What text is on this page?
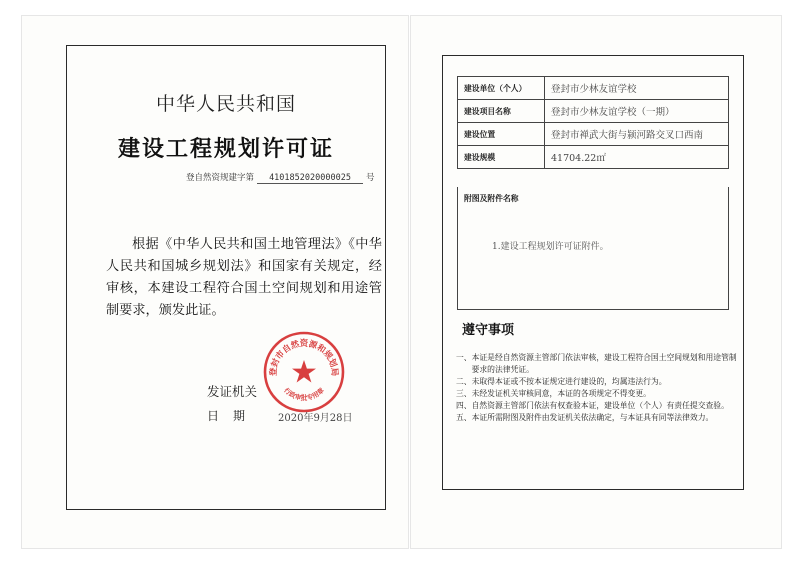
中华人民共和国
建设工程规划许可证
登自然资规建字第 4101852020000025 号
根据《中华人民共和国土地管理法》《中华人民共和国城乡规划法》和国家有关规定，经审核，本建设工程符合国土空间规划和用途管制要求，颁发此证。
登封市自然资源和规划局
行政审批专用章
发证机关
日期 2020年9月28日
建设单位（个人）	登封市少林友谊学校
建设项目名称	登封市少林友谊学校（一期）
建设位置	登封市禅武大街与颍河路交叉口西南
建设规模	41704.22㎡
附图及附件名称
1.建设工程规划许可证附件。
遵守事项
一、 本证是经自然资源主管部门依法审核，建设工程符合国土空间规划和用途管制要求的法律凭证。
二、 未取得本证或不按本证规定进行建设的，均属违法行为。
三、 未经发证机关审核同意，本证的各项规定不得变更。
四、 自然资源主管部门依法有权查验本证，建设单位（个人）有责任提交查验。
五、 本证所需附图及附件由发证机关依法确定，与本证具有同等法律效力。
